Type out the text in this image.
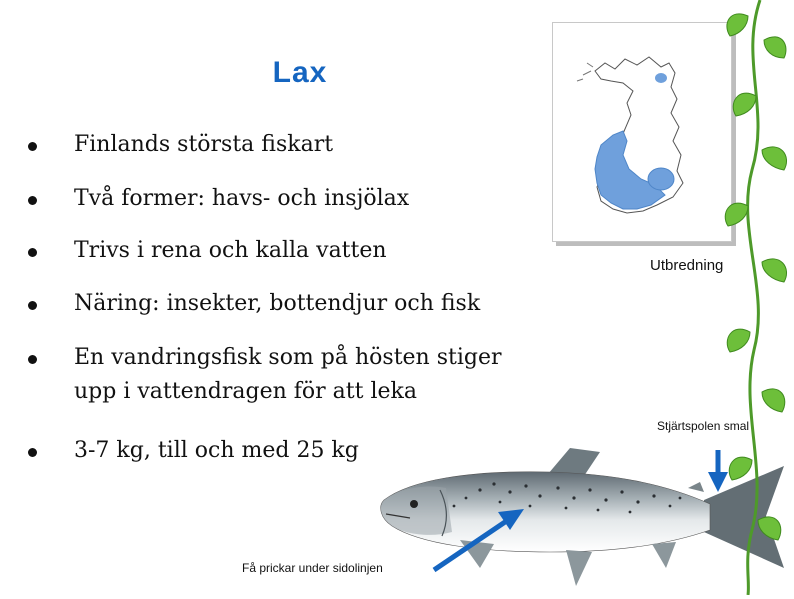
Lax
Finlands största fiskart
Två former: havs- och insjölax
Trivs i rena och kalla vatten
Näring: insekter, bottendjur och fisk
En vandringsfisk som på hösten stiger
upp i vattendragen för att leka
3-7 kg, till och med 25 kg
Utbredning
Stjärtspolen smal
Få prickar under sidolinjen
